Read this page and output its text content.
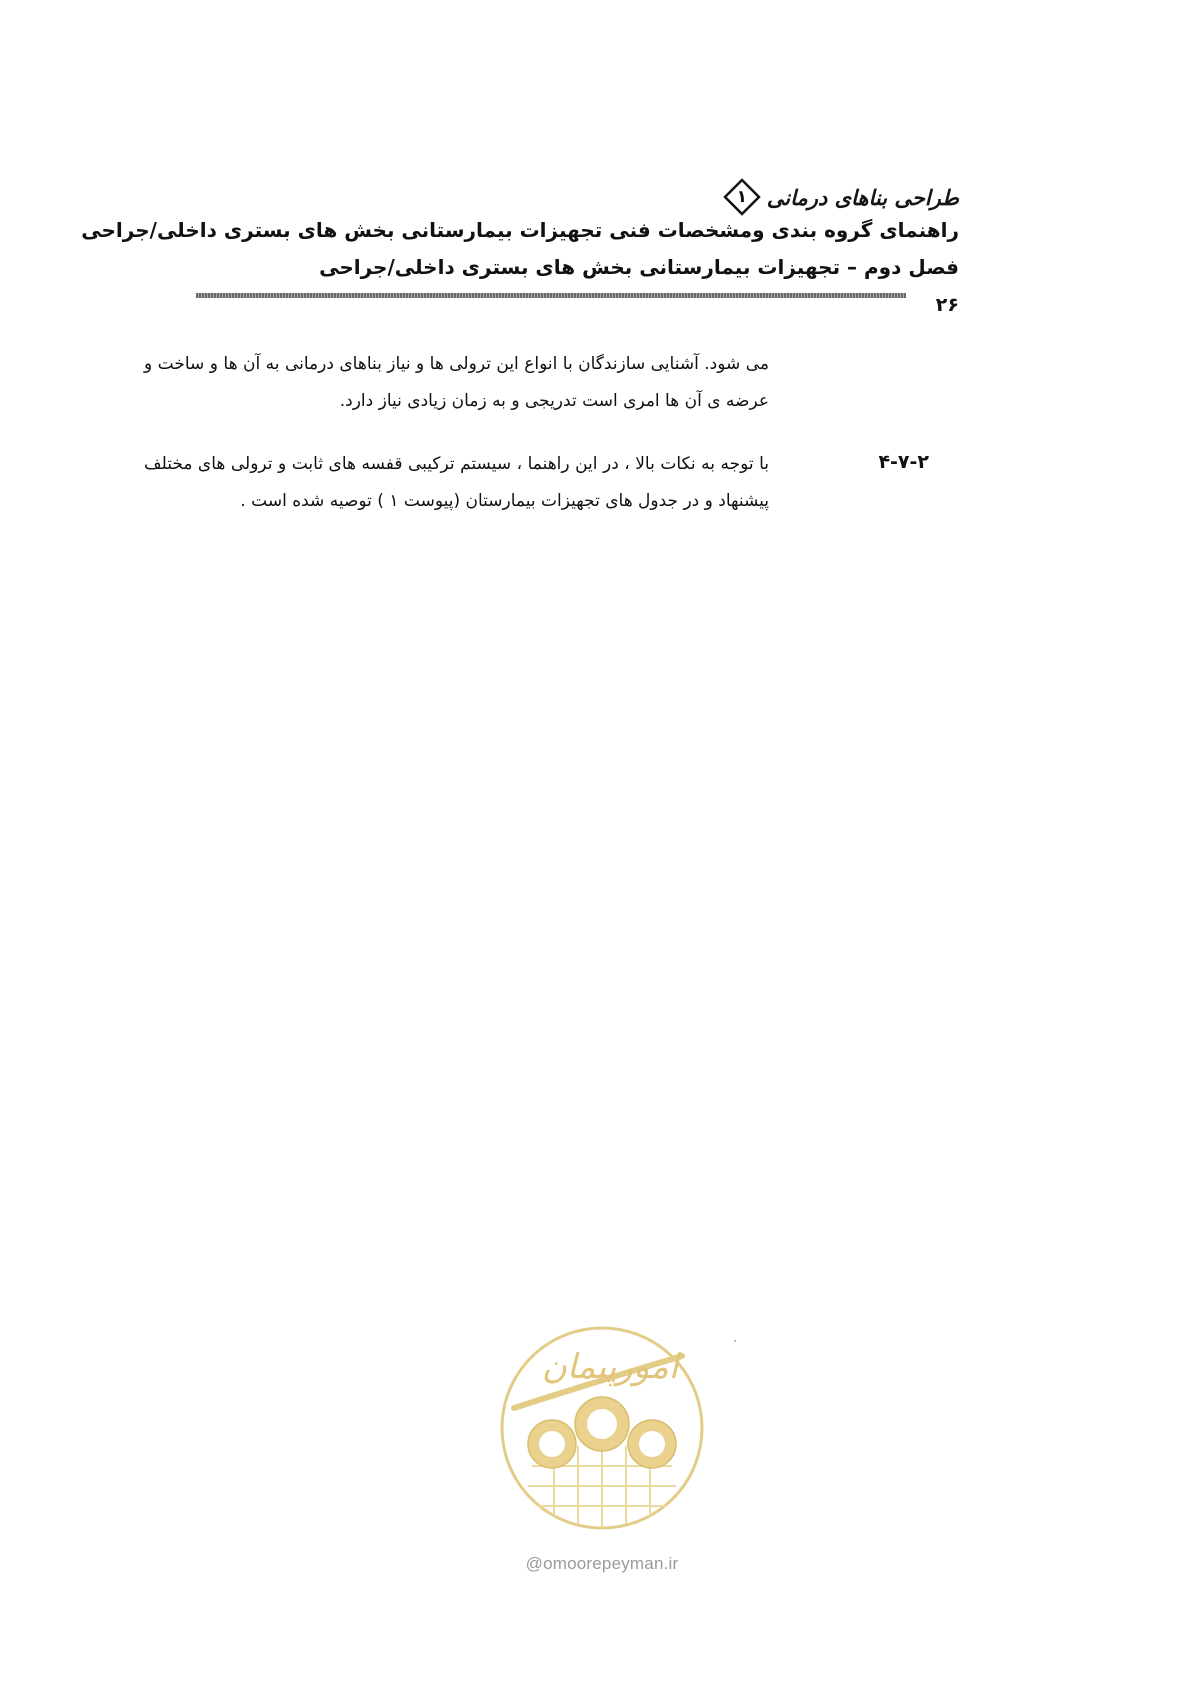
طراحی بناهای درمانی
۱
راهنمای گروه بندی ومشخصات فنی تجهیزات بیمارستانی بخش های بستری داخلی/جراحی
فصل دوم – تجهیزات بیمارستانی بخش های بستری داخلی/جراحی
۲۶
می شود. آشنایی سازندگان با انواع این ترولی ها و نیاز بناهای درمانی به آن ها و ساخت و عرضه ی آن ها امری است تدریجی و به زمان زیادی نیاز دارد.
۴-۷-۲
با توجه به نکات بالا ، در این راهنما ، سیستم ترکیبی قفسه های ثابت و ترولی های مختلف پیشنهاد و در جدول های تجهیزات بیمارستان (پیوست ۱ ) توصیه شده است .
امورپیمان
@omoorepeyman.ir
